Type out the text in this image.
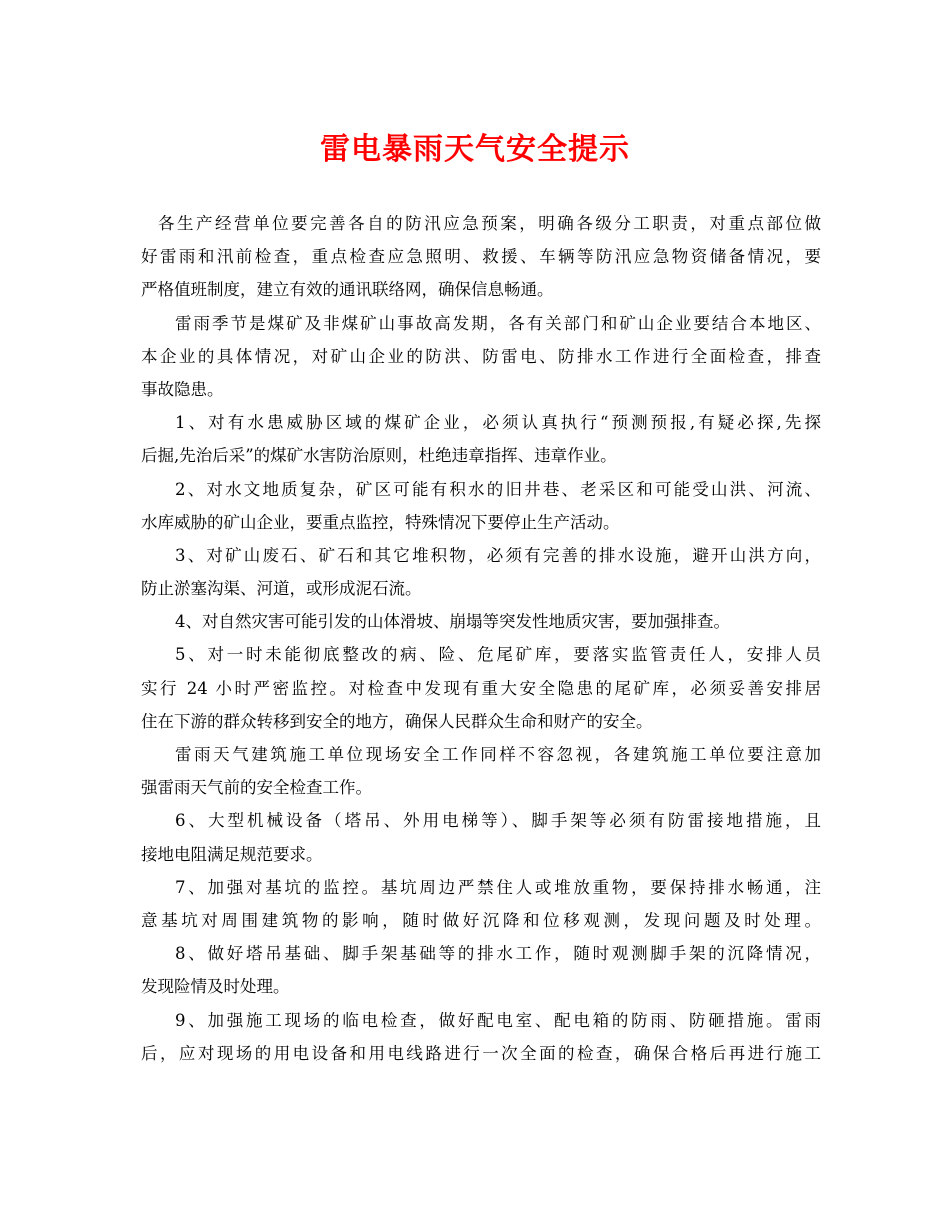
雷电暴雨天气安全提示
各生产经营单位要完善各自的防汛应急预案，明确各级分工职责，对重点部位做
好雷雨和汛前检查，重点检查应急照明、救援、车辆等防汛应急物资储备情况，要
严格值班制度，建立有效的通讯联络网，确保信息畅通。
雷雨季节是煤矿及非煤矿山事故高发期，各有关部门和矿山企业要结合本地区、
本企业的具体情况，对矿山企业的防洪、防雷电、防排水工作进行全面检查，排查
事故隐患。
1、对有水患威胁区域的煤矿企业，必须认真执行“预测预报,有疑必探,先探
后掘,先治后采”的煤矿水害防治原则，杜绝违章指挥、违章作业。
2、对水文地质复杂，矿区可能有积水的旧井巷、老采区和可能受山洪、河流、
水库威胁的矿山企业，要重点监控，特殊情况下要停止生产活动。
3、对矿山废石、矿石和其它堆积物，必须有完善的排水设施，避开山洪方向，
防止淤塞沟渠、河道，或形成泥石流。
4、对自然灾害可能引发的山体滑坡、崩塌等突发性地质灾害，要加强排查。
5、对一时未能彻底整改的病、险、危尾矿库，要落实监管责任人，安排人员
实行 24 小时严密监控。对检查中发现有重大安全隐患的尾矿库，必须妥善安排居
住在下游的群众转移到安全的地方，确保人民群众生命和财产的安全。
雷雨天气建筑施工单位现场安全工作同样不容忽视，各建筑施工单位要注意加
强雷雨天气前的安全检查工作。
6、大型机械设备（塔吊、外用电梯等）、脚手架等必须有防雷接地措施，且
接地电阻满足规范要求。
7、加强对基坑的监控。基坑周边严禁住人或堆放重物，要保持排水畅通，注
意基坑对周围建筑物的影响，随时做好沉降和位移观测，发现问题及时处理。
8、做好塔吊基础、脚手架基础等的排水工作，随时观测脚手架的沉降情况，
发现险情及时处理。
9、加强施工现场的临电检查，做好配电室、配电箱的防雨、防砸措施。雷雨
后，应对现场的用电设备和用电线路进行一次全面的检查，确保合格后再进行施工
